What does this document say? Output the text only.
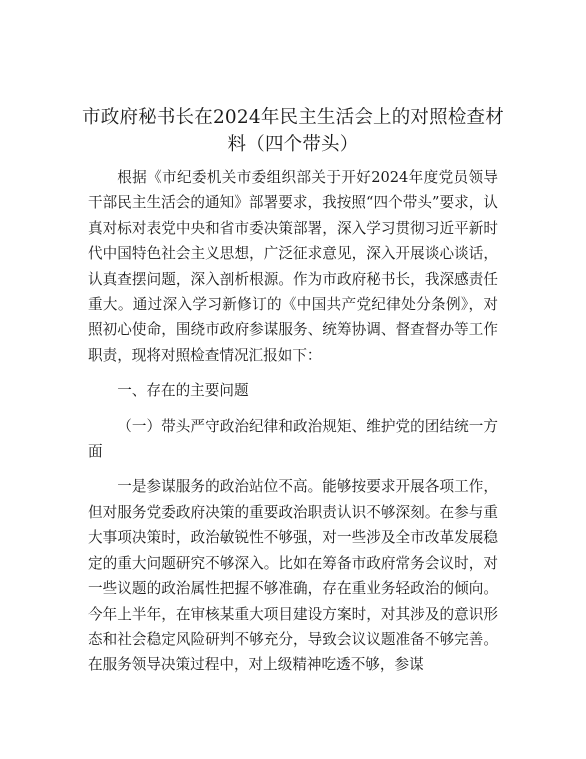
市政府秘书长在2024年民主生活会上的对照检查材料（四个带头）

根据《市纪委机关市委组织部关于开好2024年度党员领导干部民主生活会的通知》部署要求，我按照“四个带头”要求，认真对标对表党中央和省市委决策部署，深入学习贯彻习近平新时代中国特色社会主义思想，广泛征求意见，深入开展谈心谈话，认真查摆问题，深入剖析根源。作为市政府秘书长，我深感责任重大。通过深入学习新修订的《中国共产党纪律处分条例》，对照初心使命，围绕市政府参谋服务、统筹协调、督查督办等工作职责，现将对照检查情况汇报如下：

一、存在的主要问题

（一）带头严守政治纪律和政治规矩、维护党的团结统一方面

一是参谋服务的政治站位不高。能够按要求开展各项工作，但对服务党委政府决策的重要政治职责认识不够深刻。在参与重大事项决策时，政治敏锐性不够强，对一些涉及全市改革发展稳定的重大问题研究不够深入。比如在筹备市政府常务会议时，对一些议题的政治属性把握不够准确，存在重业务轻政治的倾向。今年上半年，在审核某重大项目建设方案时，对其涉及的意识形态和社会稳定风险研判不够充分，导致会议议题准备不够完善。在服务领导决策过程中，对上级精神吃透不够，参谋
